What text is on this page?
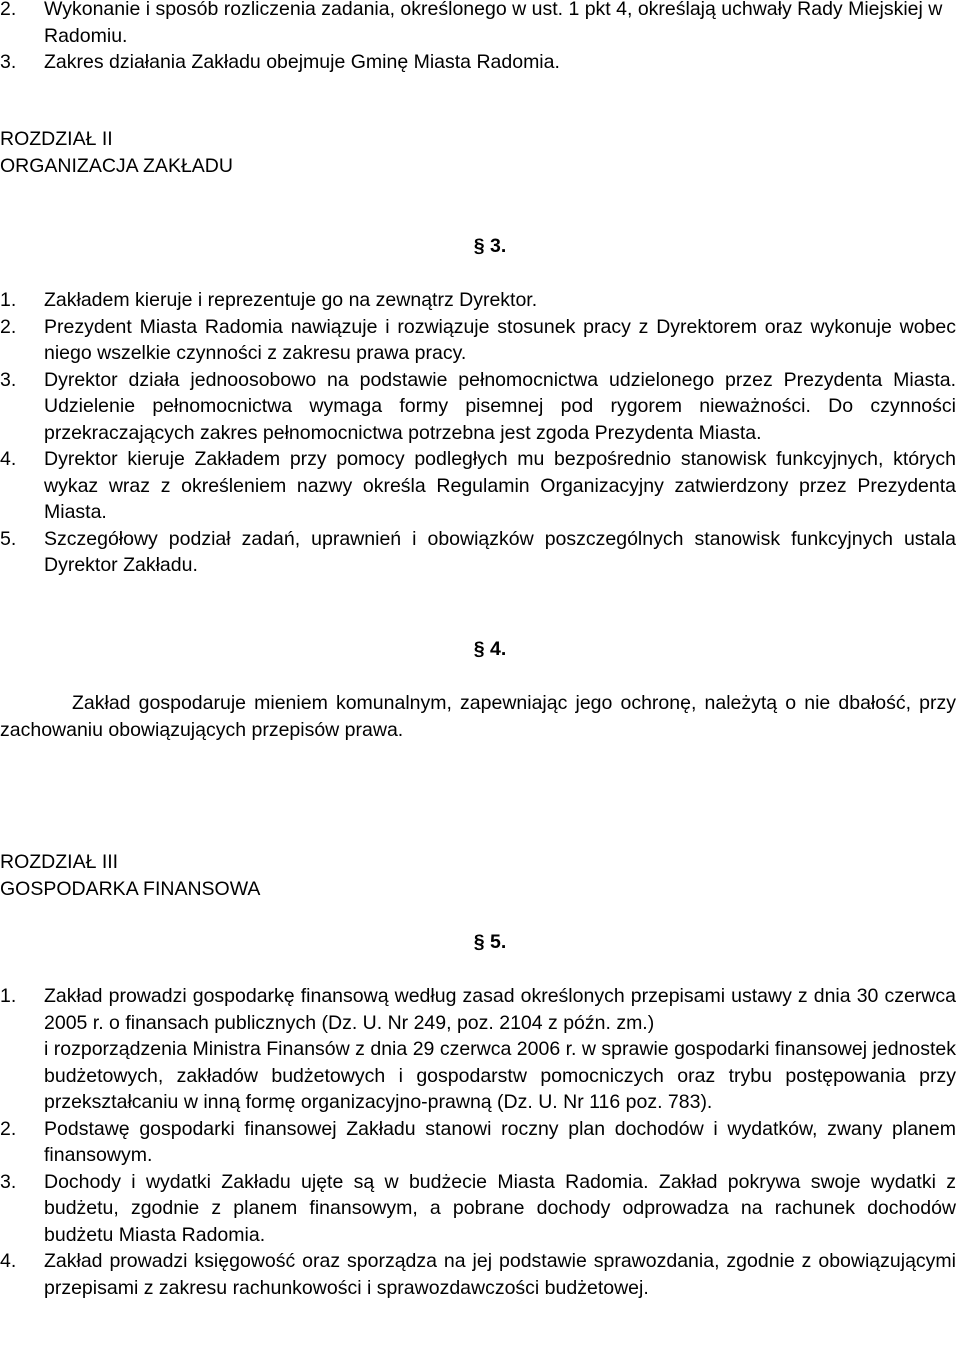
2.	Wykonanie i sposób rozliczenia zadania, określonego w ust. 1 pkt 4, określają uchwały Rady Miejskiej w Radomiu.
3.	Zakres działania Zakładu obejmuje Gminę Miasta Radomia.

ROZDZIAŁ II

ORGANIZACJA ZAKŁADU

§ 3.

1.	Zakładem kieruje i reprezentuje go na zewnątrz Dyrektor.
2.	Prezydent Miasta Radomia nawiązuje i rozwiązuje stosunek pracy z Dyrektorem oraz wykonuje wobec niego wszelkie czynności z zakresu prawa pracy.
3.	Dyrektor działa jednoosobowo na podstawie pełnomocnictwa udzielonego przez Prezydenta Miasta. Udzielenie pełnomocnictwa wymaga formy pisemnej pod rygorem nieważności. Do czynności przekraczających zakres pełnomocnictwa potrzebna jest zgoda Prezydenta Miasta.
4.	Dyrektor kieruje Zakładem przy pomocy podległych mu bezpośrednio stanowisk funkcyjnych, których wykaz wraz z określeniem nazwy określa Regulamin Organizacyjny zatwierdzony przez Prezydenta Miasta.
5.	Szczegółowy podział zadań, uprawnień i obowiązków poszczególnych stanowisk funkcyjnych ustala Dyrektor Zakładu.

§ 4.

Zakład gospodaruje mieniem komunalnym, zapewniając jego ochronę, należytą o nie dbałość, przy zachowaniu obowiązujących przepisów prawa.

ROZDZIAŁ III

GOSPODARKA FINANSOWA

§ 5.

1.	Zakład prowadzi gospodarkę finansową według zasad określonych przepisami ustawy z dnia 30 czerwca 2005 r. o finansach publicznych (Dz. U. Nr 249, poz. 2104 z późn. zm.)
i rozporządzenia Ministra Finansów z dnia 29 czerwca 2006 r. w sprawie gospodarki finansowej jednostek budżetowych, zakładów budżetowych i gospodarstw pomocniczych oraz trybu postępowania przy przekształcaniu w inną formę organizacyjno-prawną (Dz. U. Nr 116 poz. 783).
2.	Podstawę gospodarki finansowej Zakładu stanowi roczny plan dochodów i wydatków, zwany planem finansowym.
3.	Dochody i wydatki Zakładu ujęte są w budżecie Miasta Radomia. Zakład pokrywa swoje wydatki z budżetu, zgodnie z planem finansowym, a pobrane dochody odprowadza na rachunek dochodów budżetu Miasta Radomia.
4.	Zakład prowadzi księgowość oraz sporządza na jej podstawie sprawozdania, zgodnie z obowiązującymi przepisami z zakresu rachunkowości i sprawozdawczości budżetowej.
